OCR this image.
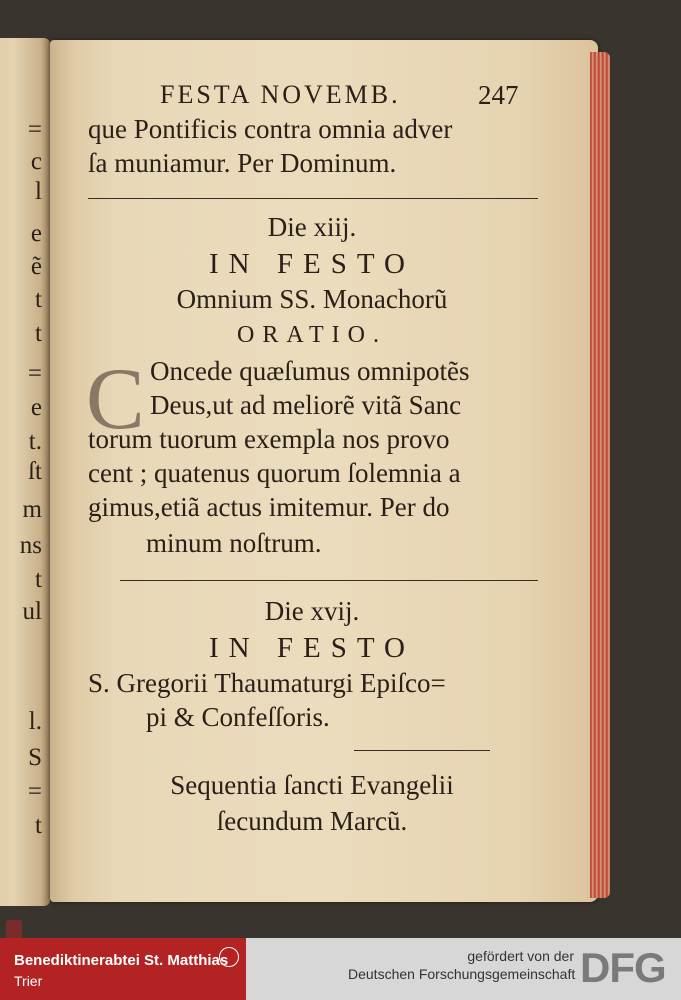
=
c
l
e
ẽ
t
t
=
e
t.
ſt
m
ns
t
ul
l.
S
=
t
FESTA NOVEMB.	247
que Pontificis contra omnia adver
ſa muniamur. Per Dominum.
Die xiij.
IN FESTO
Omnium SS. Monachorũ
ORATIO.
C Oncede quæſumus omnipotẽs
Deus,ut ad meliorẽ vitã Sanc
torum tuorum exempla nos provo
cent ; quatenus quorum ſolemnia a
gimus,etiã actus imitemur. Per do
minum noſtrum.
Die xvij.
IN FESTO
S. Gregorii Thaumaturgi Epiſco=
pi & Confeſſoris.
Sequentia ſancti Evangelii
ſecundum Marcũ.
Benediktinerabtei St. Matthias
Trier
gefördert von der
Deutschen Forschungsgemeinschaft DFG
